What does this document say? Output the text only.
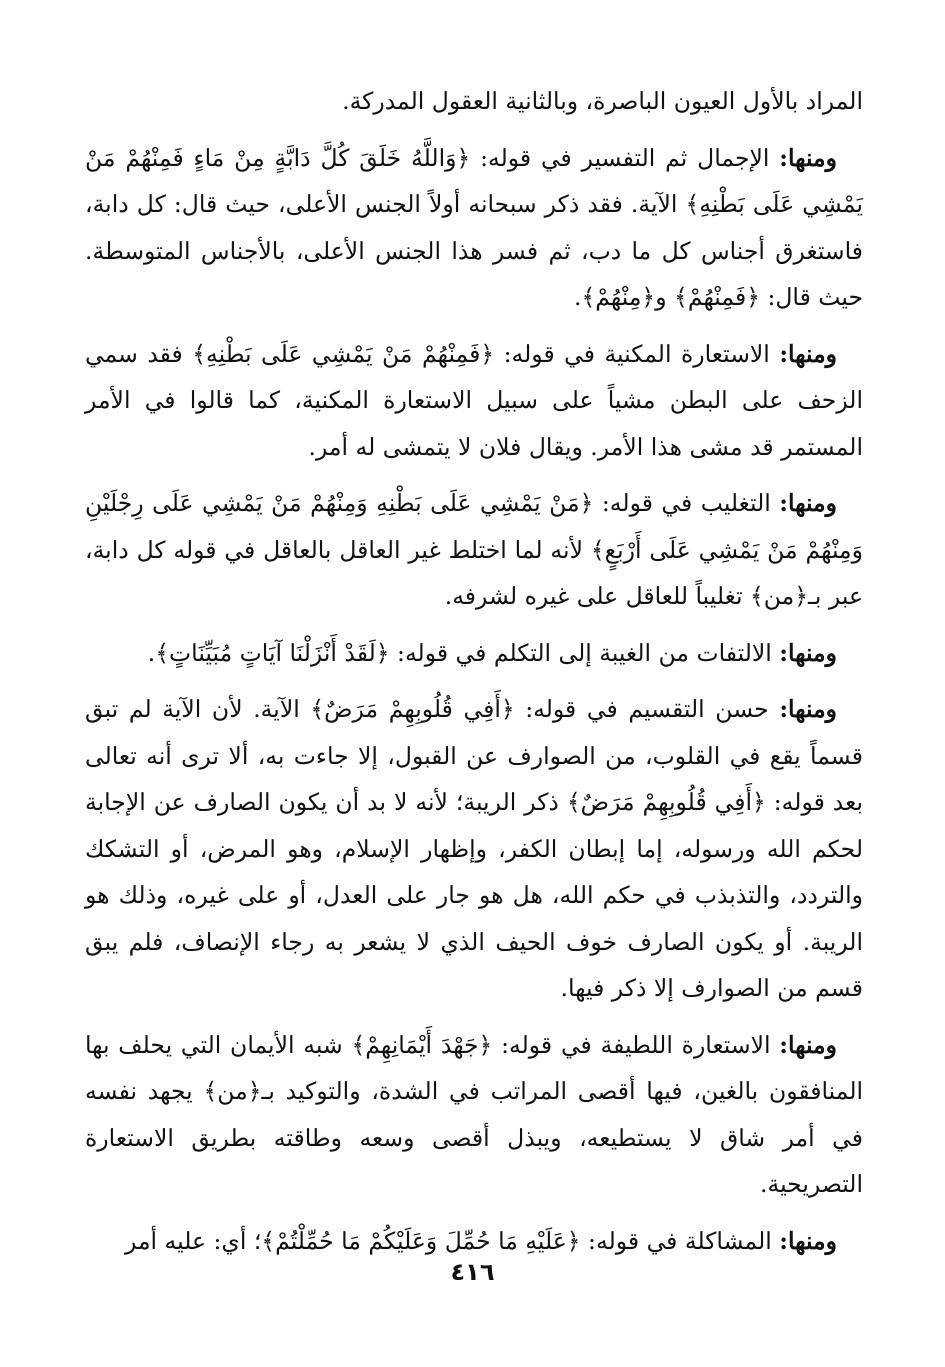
المراد بالأول العيون الباصرة، وبالثانية العقول المدركة.

ومنها: الإجمال ثم التفسير في قوله: ﴿وَاللَّهُ خَلَقَ كُلَّ دَابَّةٍ مِنْ مَاءٍ فَمِنْهُمْ مَنْ يَمْشِي عَلَى بَطْنِهِ﴾ الآية. فقد ذكر سبحانه أولاً الجنس الأعلى، حيث قال: كل دابة، فاستغرق أجناس كل ما دب، ثم فسر هذا الجنس الأعلى، بالأجناس المتوسطة. حيث قال: ﴿فَمِنْهُمْ﴾ و﴿مِنْهُمْ﴾.

ومنها: الاستعارة المكنية في قوله: ﴿فَمِنْهُمْ مَنْ يَمْشِي عَلَى بَطْنِهِ﴾ فقد سمي الزحف على البطن مشياً على سبيل الاستعارة المكنية، كما قالوا في الأمر المستمر قد مشى هذا الأمر. ويقال فلان لا يتمشى له أمر.

ومنها: التغليب في قوله: ﴿مَنْ يَمْشِي عَلَى بَطْنِهِ وَمِنْهُمْ مَنْ يَمْشِي عَلَى رِجْلَيْنِ وَمِنْهُمْ مَنْ يَمْشِي عَلَى أَرْبَعٍ﴾ لأنه لما اختلط غير العاقل بالعاقل في قوله كل دابة، عبر بـ﴿من﴾ تغليباً للعاقل على غيره لشرفه.

ومنها: الالتفات من الغيبة إلى التكلم في قوله: ﴿لَقَدْ أَنْزَلْنَا آيَاتٍ مُبَيِّنَاتٍ﴾.

ومنها: حسن التقسيم في قوله: ﴿أَفِي قُلُوبِهِمْ مَرَضٌ﴾ الآية. لأن الآية لم تبق قسماً يقع في القلوب، من الصوارف عن القبول، إلا جاءت به، ألا ترى أنه تعالى بعد قوله: ﴿أَفِي قُلُوبِهِمْ مَرَضٌ﴾ ذكر الريبة؛ لأنه لا بد أن يكون الصارف عن الإجابة لحكم الله ورسوله، إما إبطان الكفر، وإظهار الإسلام، وهو المرض، أو التشكك والتردد، والتذبذب في حكم الله، هل هو جار على العدل، أو على غيره، وذلك هو الريبة. أو يكون الصارف خوف الحيف الذي لا يشعر به رجاء الإنصاف، فلم يبق قسم من الصوارف إلا ذكر فيها.

ومنها: الاستعارة اللطيفة في قوله: ﴿جَهْدَ أَيْمَانِهِمْ﴾ شبه الأيمان التي يحلف بها المنافقون بالغين، فيها أقصى المراتب في الشدة، والتوكيد بـ﴿من﴾ يجهد نفسه في أمر شاق لا يستطيعه، ويبذل أقصى وسعه وطاقته بطريق الاستعارة التصريحية.

ومنها: المشاكلة في قوله: ﴿عَلَيْهِ مَا حُمِّلَ وَعَلَيْكُمْ مَا حُمِّلْتُمْ﴾؛ أي: عليه أمر

٤١٦
